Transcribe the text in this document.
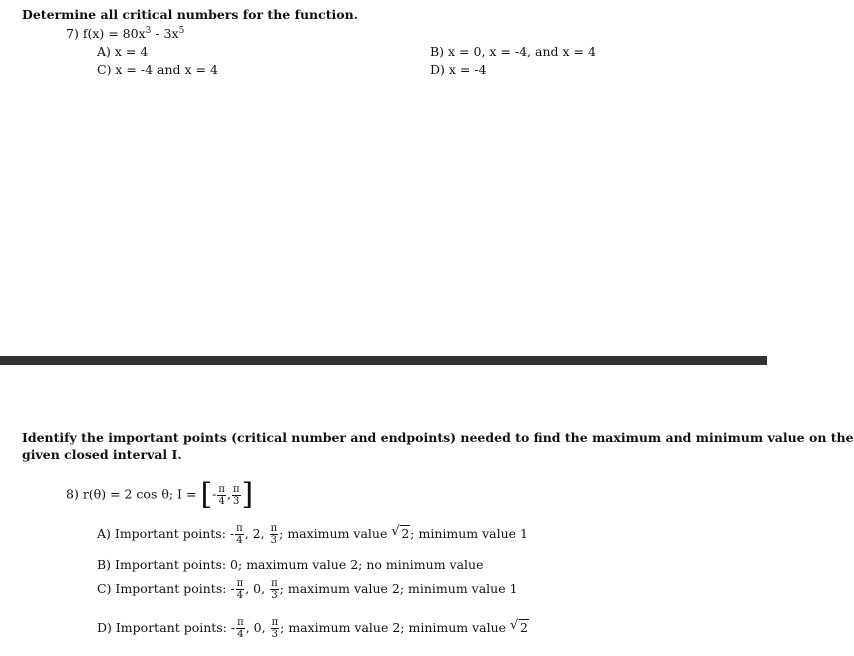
Determine all critical numbers for the function.
7) $f(x) = 80x^3 - 3x^5$
A) x = 4	B) x = 0, x = -4, and x = 4
C) x = -4 and x = 4	D) x = -4
Identify the important points (critical number and endpoints) needed to find the maximum and minimum value on the
given closed interval I.
8) r(θ) = 2 cos θ; I = [- $\frac{\pi}{4}$ , $\frac{\pi}{3}$ ]
A) Important points: - $\frac{\pi}{4}$ , 2, $\frac{\pi}{3}$ ; maximum value √ 2; minimum value 1
B) Important points: 0; maximum value 2; no minimum value
C) Important points: - $\frac{\pi}{4}$ , 0, $\frac{\pi}{3}$ ; maximum value 2; minimum value 1
D) Important points: - $\frac{\pi}{4}$ , 0, $\frac{\pi}{3}$ ; maximum value 2; minimum value √ 2
